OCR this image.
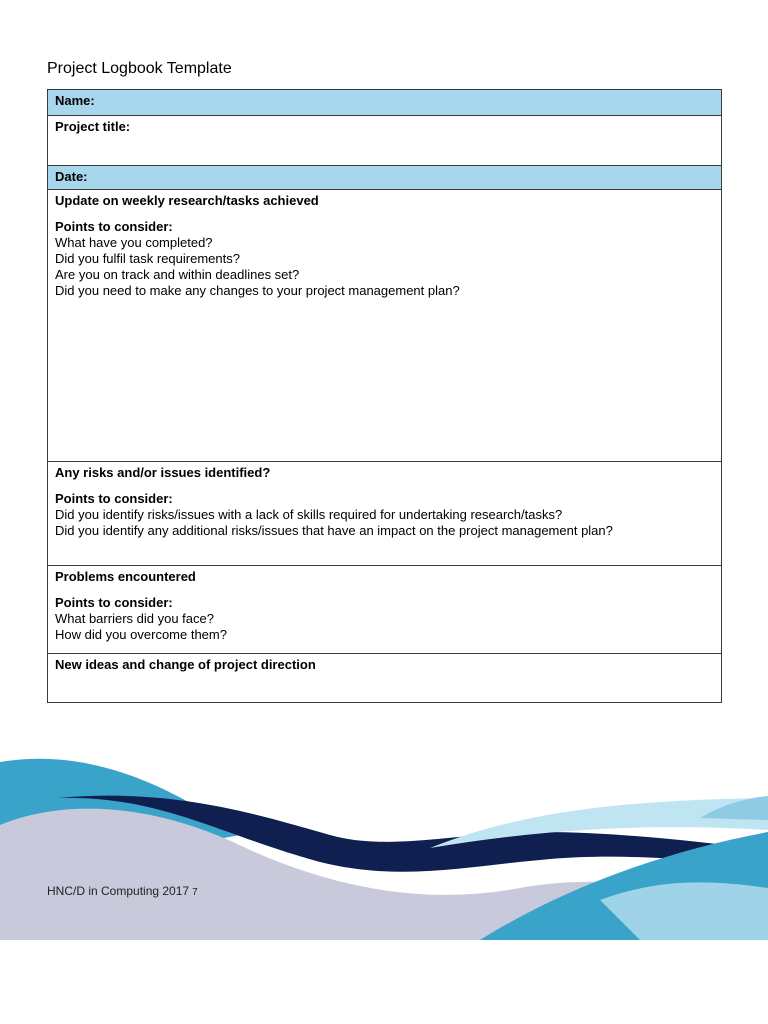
Project Logbook Template
Name:
Project title:
Date:
Update on weekly research/tasks achieved
Points to consider:
What have you completed?
Did you fulfil task requirements?
Are you on track and within deadlines set?
Did you need to make any changes to your project management plan?
Any risks and/or issues identified?
Points to consider:
Did you identify risks/issues with a lack of skills required for undertaking research/tasks?
Did you identify any additional risks/issues that have an impact on the project management plan?
Problems encountered
Points to consider:
What barriers did you face?
How did you overcome them?
New ideas and change of project direction
HNC/D in Computing 2017 7
